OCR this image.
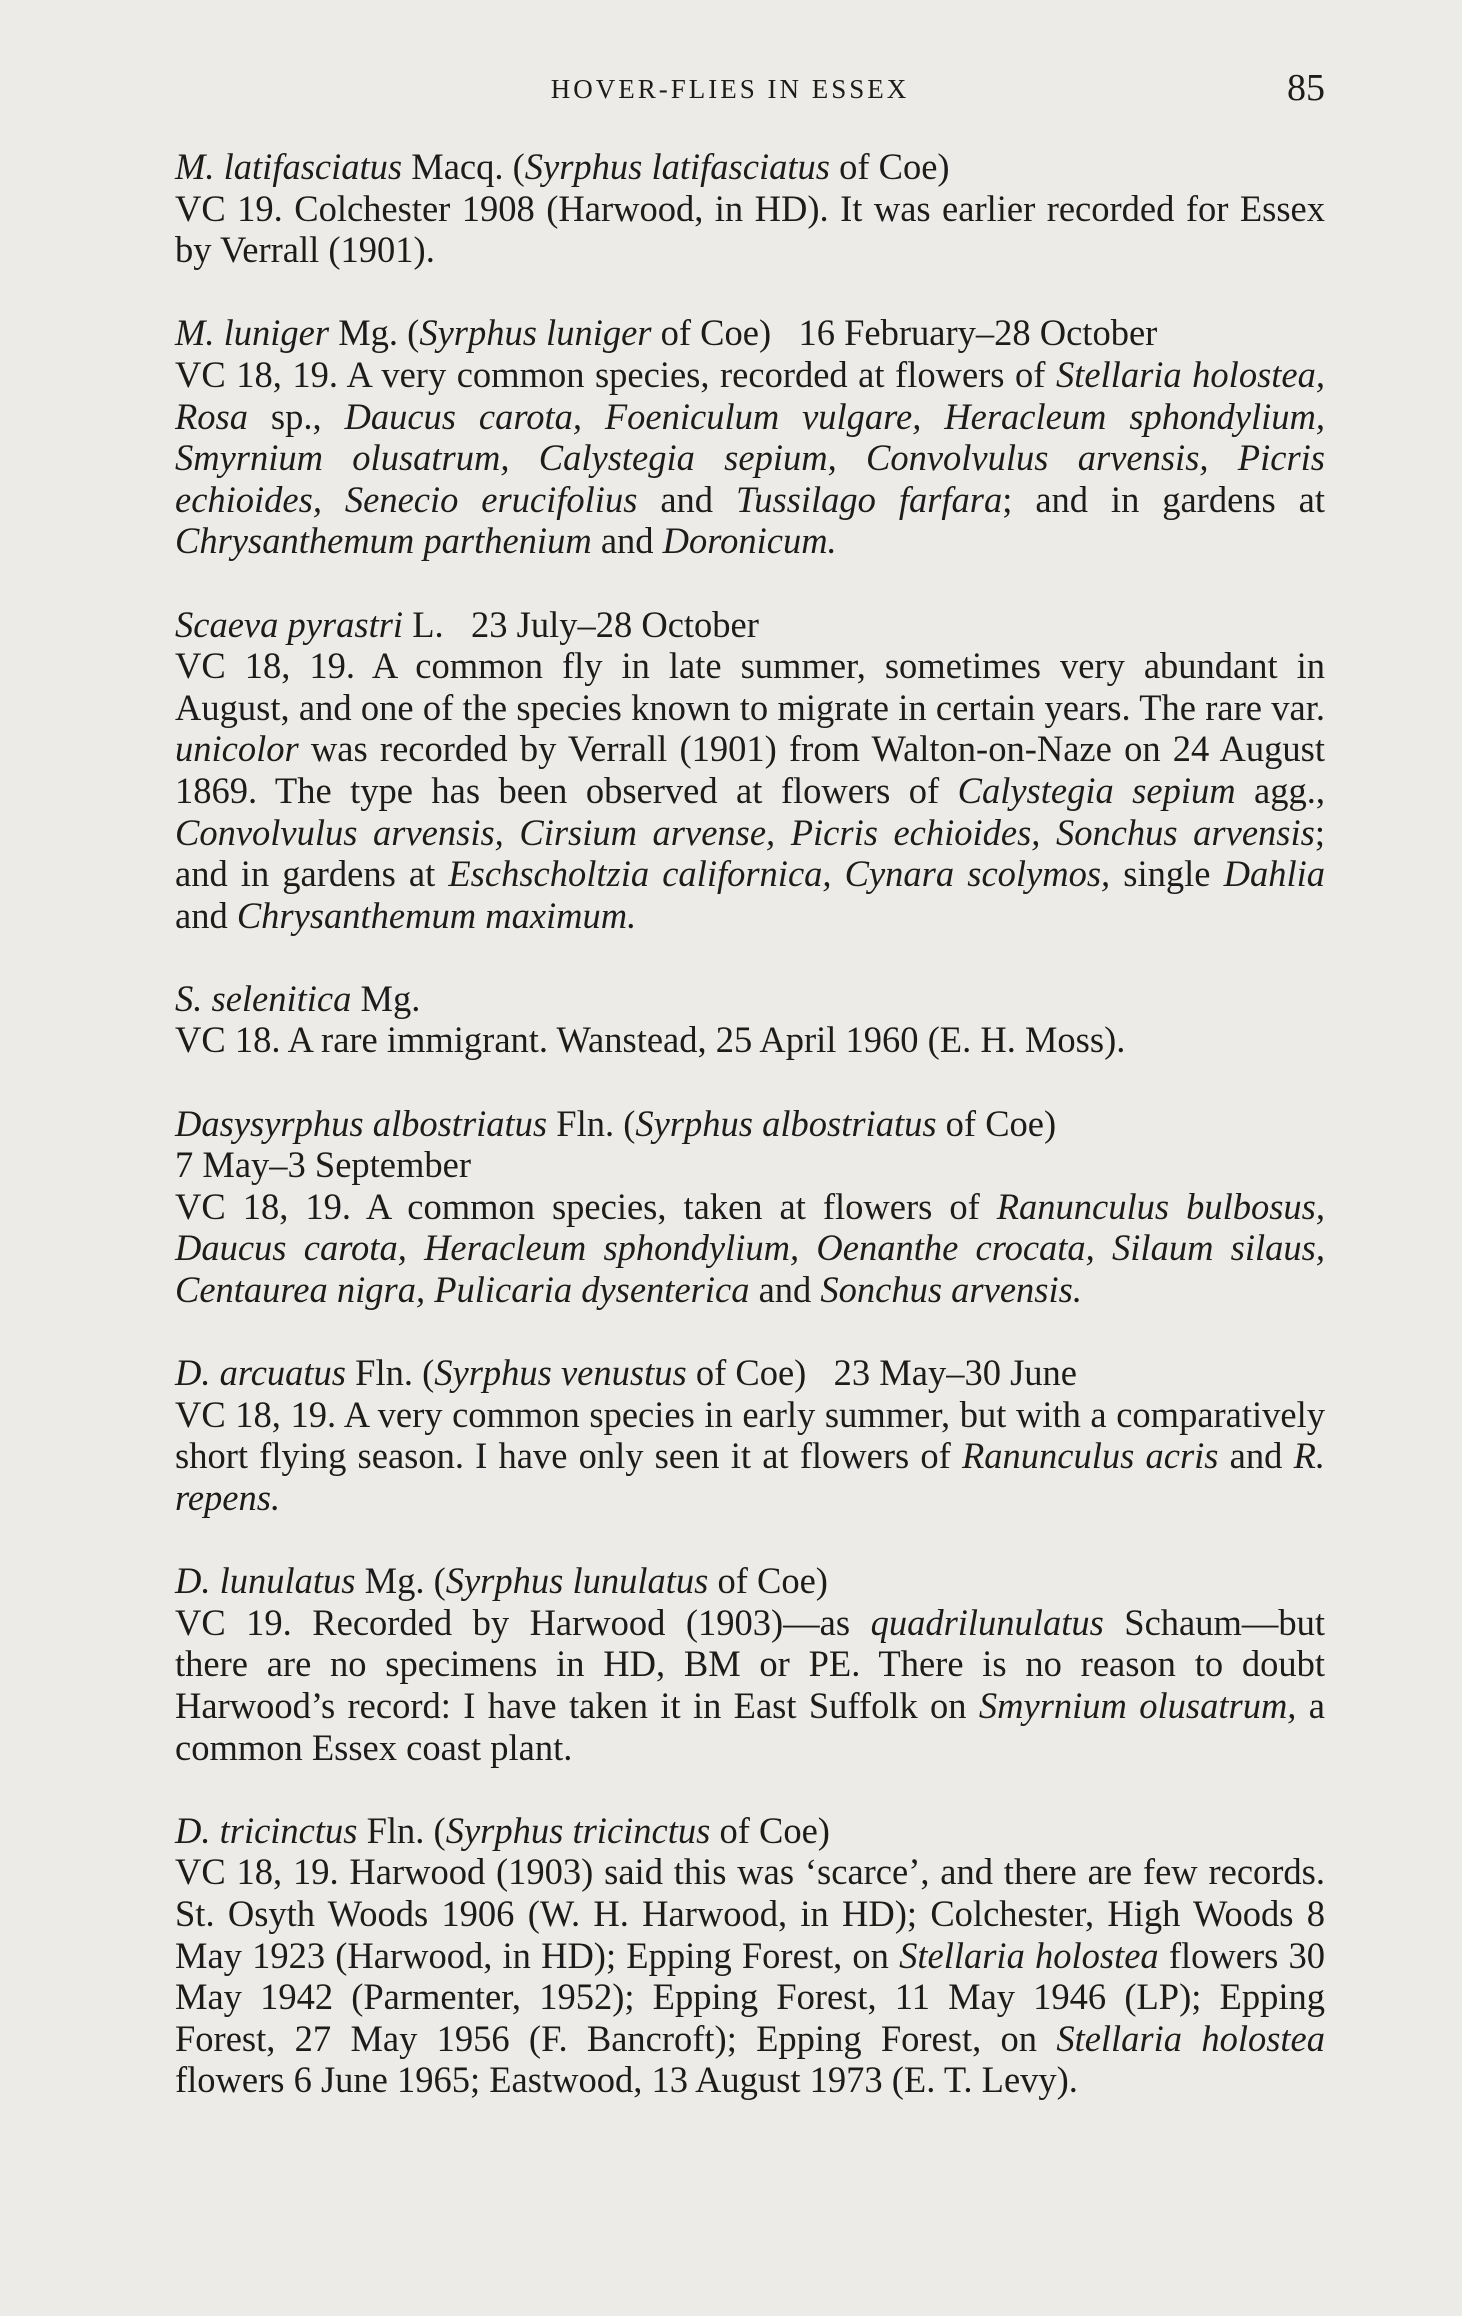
HOVER-FLIES IN ESSEX	85

M. latifasciatus Macq. (Syrphus latifasciatus of Coe)

VC 19. Colchester 1908 (Harwood, in HD). It was earlier recorded for Essex by Verrall (1901).

M. luniger Mg. (Syrphus luniger of Coe)   16 February–28 October

VC 18, 19. A very common species, recorded at flowers of Stellaria holostea, Rosa sp., Daucus carota, Foeniculum vulgare, Heracleum sphondylium, Smyrnium olusatrum, Calystegia sepium, Convolvulus arvensis, Picris echioides, Senecio erucifolius and Tussilago farfara; and in gardens at Chrysanthemum parthenium and Doronicum.

Scaeva pyrastri L.   23 July–28 October

VC 18, 19. A common fly in late summer, sometimes very abundant in August, and one of the species known to migrate in certain years. The rare var. unicolor was recorded by Verrall (1901) from Walton-on-Naze on 24 August 1869. The type has been observed at flowers of Calystegia sepium agg., Convolvulus arvensis, Cirsium arvense, Picris echioides, Sonchus arvensis; and in gardens at Eschscholtzia californica, Cynara scolymos, single Dahlia and Chrysanthemum maximum.

S. selenitica Mg.

VC 18. A rare immigrant. Wanstead, 25 April 1960 (E. H. Moss).

Dasysyrphus albostriatus Fln. (Syrphus albostriatus of Coe)

7 May–3 September

VC 18, 19. A common species, taken at flowers of Ranunculus bulbosus, Daucus carota, Heracleum sphondylium, Oenanthe crocata, Silaum silaus, Centaurea nigra, Pulicaria dysenterica and Sonchus arvensis.

D. arcuatus Fln. (Syrphus venustus of Coe)   23 May–30 June

VC 18, 19. A very common species in early summer, but with a comparatively short flying season. I have only seen it at flowers of Ranunculus acris and R. repens.

D. lunulatus Mg. (Syrphus lunulatus of Coe)

VC 19. Recorded by Harwood (1903)—as quadrilunulatus Schaum—but there are no specimens in HD, BM or PE. There is no reason to doubt Harwood’s record: I have taken it in East Suffolk on Smyrnium olusatrum, a common Essex coast plant.

D. tricinctus Fln. (Syrphus tricinctus of Coe)

VC 18, 19. Harwood (1903) said this was ‘scarce’, and there are few records. St. Osyth Woods 1906 (W. H. Harwood, in HD); Colchester, High Woods 8 May 1923 (Harwood, in HD); Epping Forest, on Stellaria holostea flowers 30 May 1942 (Parmenter, 1952); Epping Forest, 11 May 1946 (LP); Epping Forest, 27 May 1956 (F. Bancroft); Epping Forest, on Stellaria holostea flowers 6 June 1965; Eastwood, 13 August 1973 (E. T. Levy).
